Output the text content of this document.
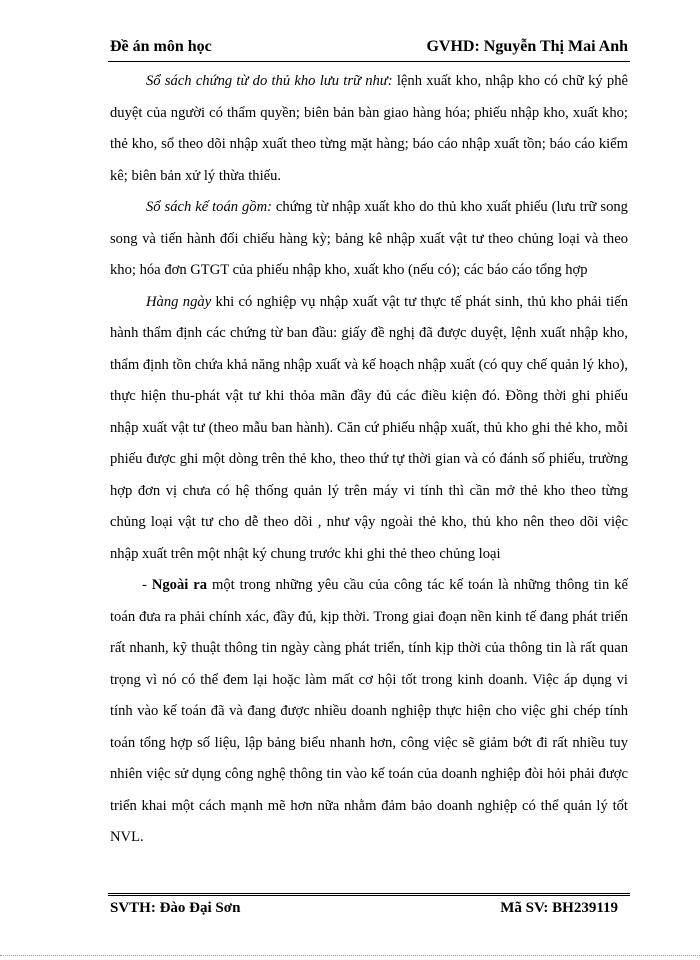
Đề án môn học	GVHD: Nguyễn Thị Mai Anh

Sổ sách chứng từ do thủ kho lưu trữ như: lệnh xuất kho, nhập kho có chữ ký phê duyệt của người có thẩm quyền; biên bản bàn giao hàng hóa; phiếu nhập kho, xuất kho; thẻ kho, sổ theo dõi nhập xuất theo từng mặt hàng; báo cáo nhập xuất tồn; báo cáo kiểm kê; biên bản xử lý thừa thiếu.

Sổ sách kế toán gồm: chứng từ nhập xuất kho do thủ kho xuất phiếu (lưu trữ song song và tiến hành đối chiếu hàng kỳ; bảng kê nhập xuất vật tư theo chủng loại và theo kho; hóa đơn GTGT của phiếu nhập kho, xuất kho (nếu có); các báo cáo tổng hợp

Hàng ngày khi có nghiệp vụ nhập xuất vật tư thực tế phát sinh, thủ kho phải tiến hành thẩm định các chứng từ ban đầu: giấy đề nghị đã được duyệt, lệnh xuất nhập kho, thẩm định tồn chứa khả năng nhập xuất và kế hoạch nhập xuất (có quy chế quản lý kho), thực hiện thu-phát vật tư khi thỏa mãn đầy đủ các điều kiện đó. Đồng thời ghi phiếu nhập xuất vật tư (theo mẫu ban hành). Căn cứ phiếu nhập xuất, thủ kho ghi thẻ kho, mỗi phiếu được ghi một dòng trên thẻ kho, theo thứ tự thời gian và có đánh số phiếu, trường hợp đơn vị chưa có hệ thống quản lý trên máy vi tính thì cần mở thẻ kho theo từng chủng loại vật tư cho dễ theo dõi , như vậy ngoài thẻ kho, thủ kho nên theo dõi việc nhập xuất trên một nhật ký chung trước khi ghi thẻ theo chủng loại

- Ngoài ra một trong những yêu cầu của công tác kế toán là những thông tin kế toán đưa ra phải chính xác, đầy đủ, kịp thời. Trong giai đoạn nền kinh tế đang phát triển rất nhanh, kỹ thuật thông tin ngày càng phát triển, tính kịp thời của thông tin là rất quan trọng vì nó có thể đem lại hoặc làm mất cơ hội tốt trong kinh doanh. Việc áp dụng vi tính vào kế toán đã và đang được nhiều doanh nghiệp thực hiện cho việc ghi chép tính toán tổng hợp số liệu, lập bảng biểu nhanh hơn, công việc sẽ giảm bớt đi rất nhiều tuy nhiên việc sử dụng công nghệ thông tin vào kế toán của doanh nghiệp đòi hỏi phải được triển khai một cách mạnh mẽ hơn nữa nhằm đảm bảo doanh nghiệp có thể quản lý tốt NVL.

SVTH: Đào Đại Sơn	Mã SV: BH239119
